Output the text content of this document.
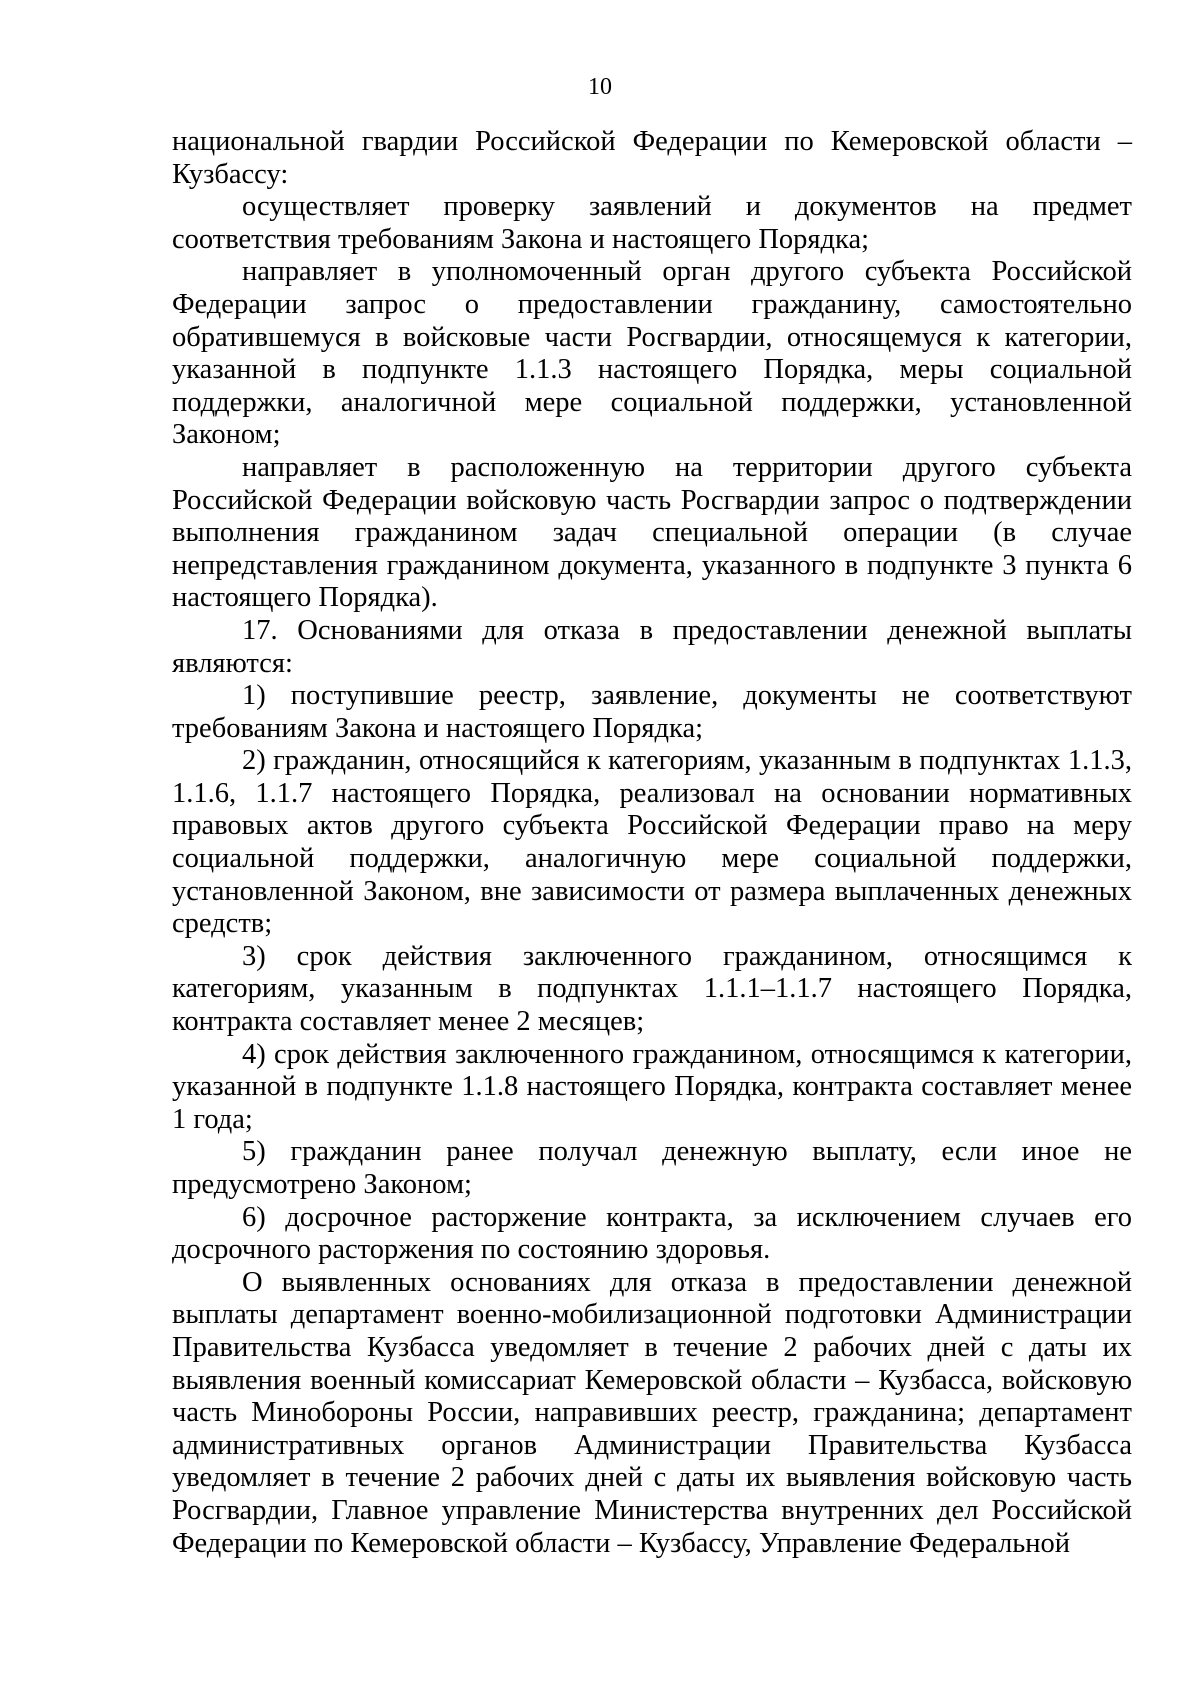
10

национальной гвардии Российской Федерации по Кемеровской области – Кузбассу:

осуществляет проверку заявлений и документов на предмет соответствия требованиям Закона и настоящего Порядка;

направляет в уполномоченный орган другого субъекта Российской Федерации запрос о предоставлении гражданину, самостоятельно обратившемуся в войсковые части Росгвардии, относящемуся к категории, указанной в подпункте 1.1.3 настоящего Порядка, меры социальной поддержки, аналогичной мере социальной поддержки, установленной Законом;

направляет в расположенную на территории другого субъекта Российской Федерации войсковую часть Росгвардии запрос о подтверждении выполнения гражданином задач специальной операции (в случае непредставления гражданином документа, указанного в подпункте 3 пункта 6 настоящего Порядка).

17. Основаниями для отказа в предоставлении денежной выплаты являются:

1) поступившие реестр, заявление, документы не соответствуют требованиям Закона и настоящего Порядка;

2) гражданин, относящийся к категориям, указанным в подпунктах 1.1.3, 1.1.6, 1.1.7 настоящего Порядка, реализовал на основании нормативных правовых актов другого субъекта Российской Федерации право на меру социальной поддержки, аналогичную мере социальной поддержки, установленной Законом, вне зависимости от размера выплаченных денежных средств;

3) срок действия заключенного гражданином, относящимся к категориям, указанным в подпунктах 1.1.1–1.1.7 настоящего Порядка, контракта составляет менее 2 месяцев;

4) срок действия заключенного гражданином, относящимся к категории, указанной в подпункте 1.1.8 настоящего Порядка, контракта составляет менее 1 года;

5) гражданин ранее получал денежную выплату, если иное не предусмотрено Законом;

6) досрочное расторжение контракта, за исключением случаев его досрочного расторжения по состоянию здоровья.

О выявленных основаниях для отказа в предоставлении денежной выплаты департамент военно-мобилизационной подготовки Администрации Правительства Кузбасса уведомляет в течение 2 рабочих дней с даты их выявления военный комиссариат Кемеровской области – Кузбасса, войсковую часть Минобороны России, направивших реестр, гражданина; департамент административных органов Администрации Правительства Кузбасса уведомляет в течение 2 рабочих дней с даты их выявления войсковую часть Росгвардии, Главное управление Министерства внутренних дел Российской Федерации по Кемеровской области – Кузбассу, Управление Федеральной
